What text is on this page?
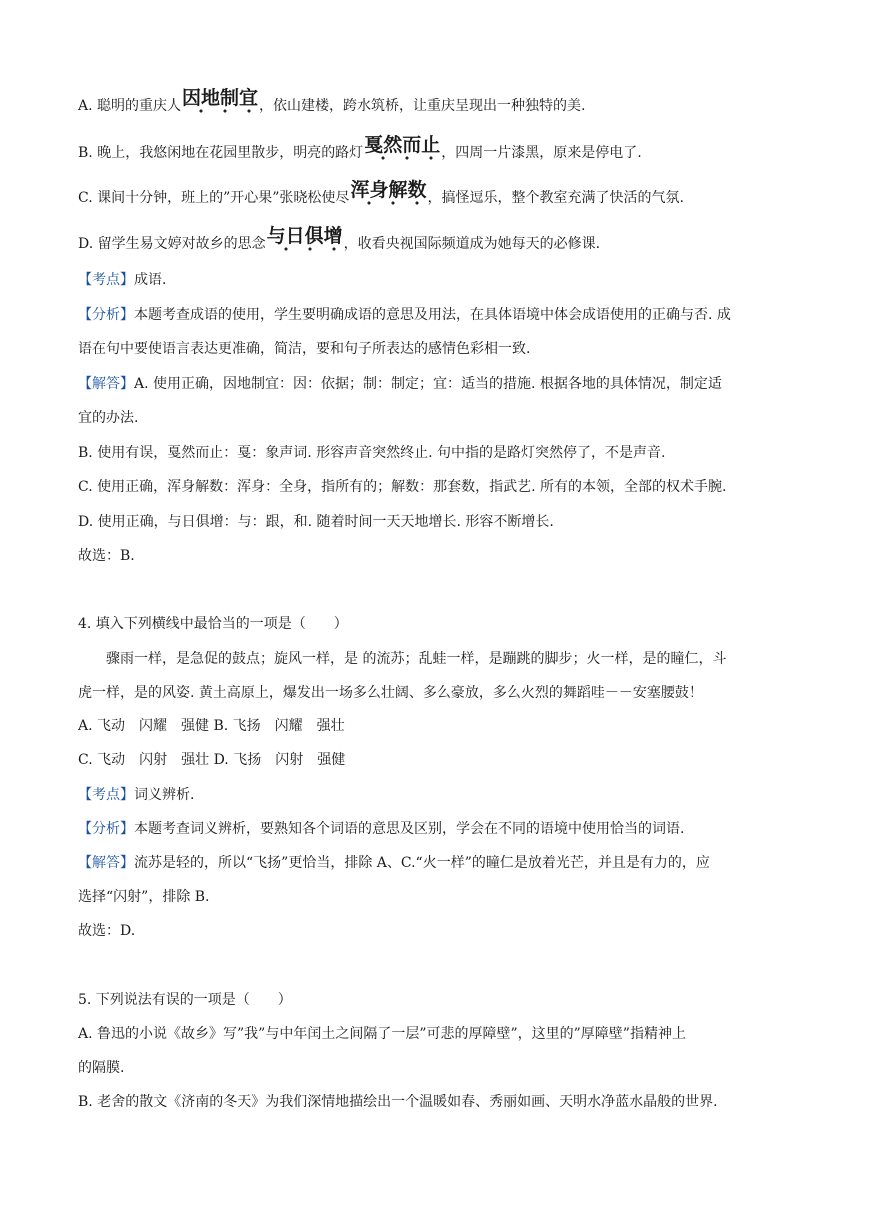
A. 聪明的重庆人因地制宜，依山建楼，跨水筑桥，让重庆呈现出一种独特的美.
B. 晚上，我悠闲地在花园里散步，明亮的路灯戛然而止，四周一片漆黑，原来是停电了.
C. 课间十分钟，班上的”开心果”张晓松使尽浑身解数，搞怪逗乐，整个教室充满了快活的气氛.
D. 留学生易文婷对故乡的思念与日俱增，收看央视国际频道成为她每天的必修课.
【考点】成语.
【分析】本题考查成语的使用，学生要明确成语的意思及用法，在具体语境中体会成语使用的正确与否. 成
语在句中要使语言表达更准确，简洁，要和句子所表达的感情色彩相一致.
【解答】A. 使用正确，因地制宜：因：依据；制：制定；宜：适当的措施. 根据各地的具体情况，制定适
宜的办法.
B. 使用有误，戛然而止：戛：象声词. 形容声音突然终止. 句中指的是路灯突然停了，不是声音.
C. 使用正确，浑身解数：浑身：全身，指所有的；解数：那套数，指武艺. 所有的本领，全部的权术手腕.
D. 使用正确，与日俱增：与：跟，和. 随着时间一天天地增长. 形容不断增长.
故选：B.
4. 填入下列横线中最恰当的一项是（　　）
骤雨一样，是急促的鼓点；旋风一样，是 的流苏；乱蛙一样，是蹦跳的脚步；火一样，是的瞳仁，斗
虎一样，是的风姿. 黄土高原上，爆发出一场多么壮阔、多么豪放，多么火烈的舞蹈哇－－安塞腰鼓！
A. 飞动　闪耀　强健 B. 飞扬　闪耀　强壮
C. 飞动　闪射　强壮 D. 飞扬　闪射　强健
【考点】词义辨析.
【分析】本题考查词义辨析，要熟知各个词语的意思及区别，学会在不同的语境中使用恰当的词语.
【解答】流苏是轻的，所以“飞扬”更恰当，排除 A、C.“火一样”的瞳仁是放着光芒，并且是有力的，应
选择“闪射”，排除 B.
故选：D.
5. 下列说法有误的一项是（　　）
A. 鲁迅的小说《故乡》写”我”与中年闰土之间隔了一层”可悲的厚障壁”，这里的”厚障壁”指精神上
的隔膜.
B. 老舍的散文《济南的冬天》为我们深情地描绘出一个温暖如春、秀丽如画、天明水净蓝水晶般的世界.
